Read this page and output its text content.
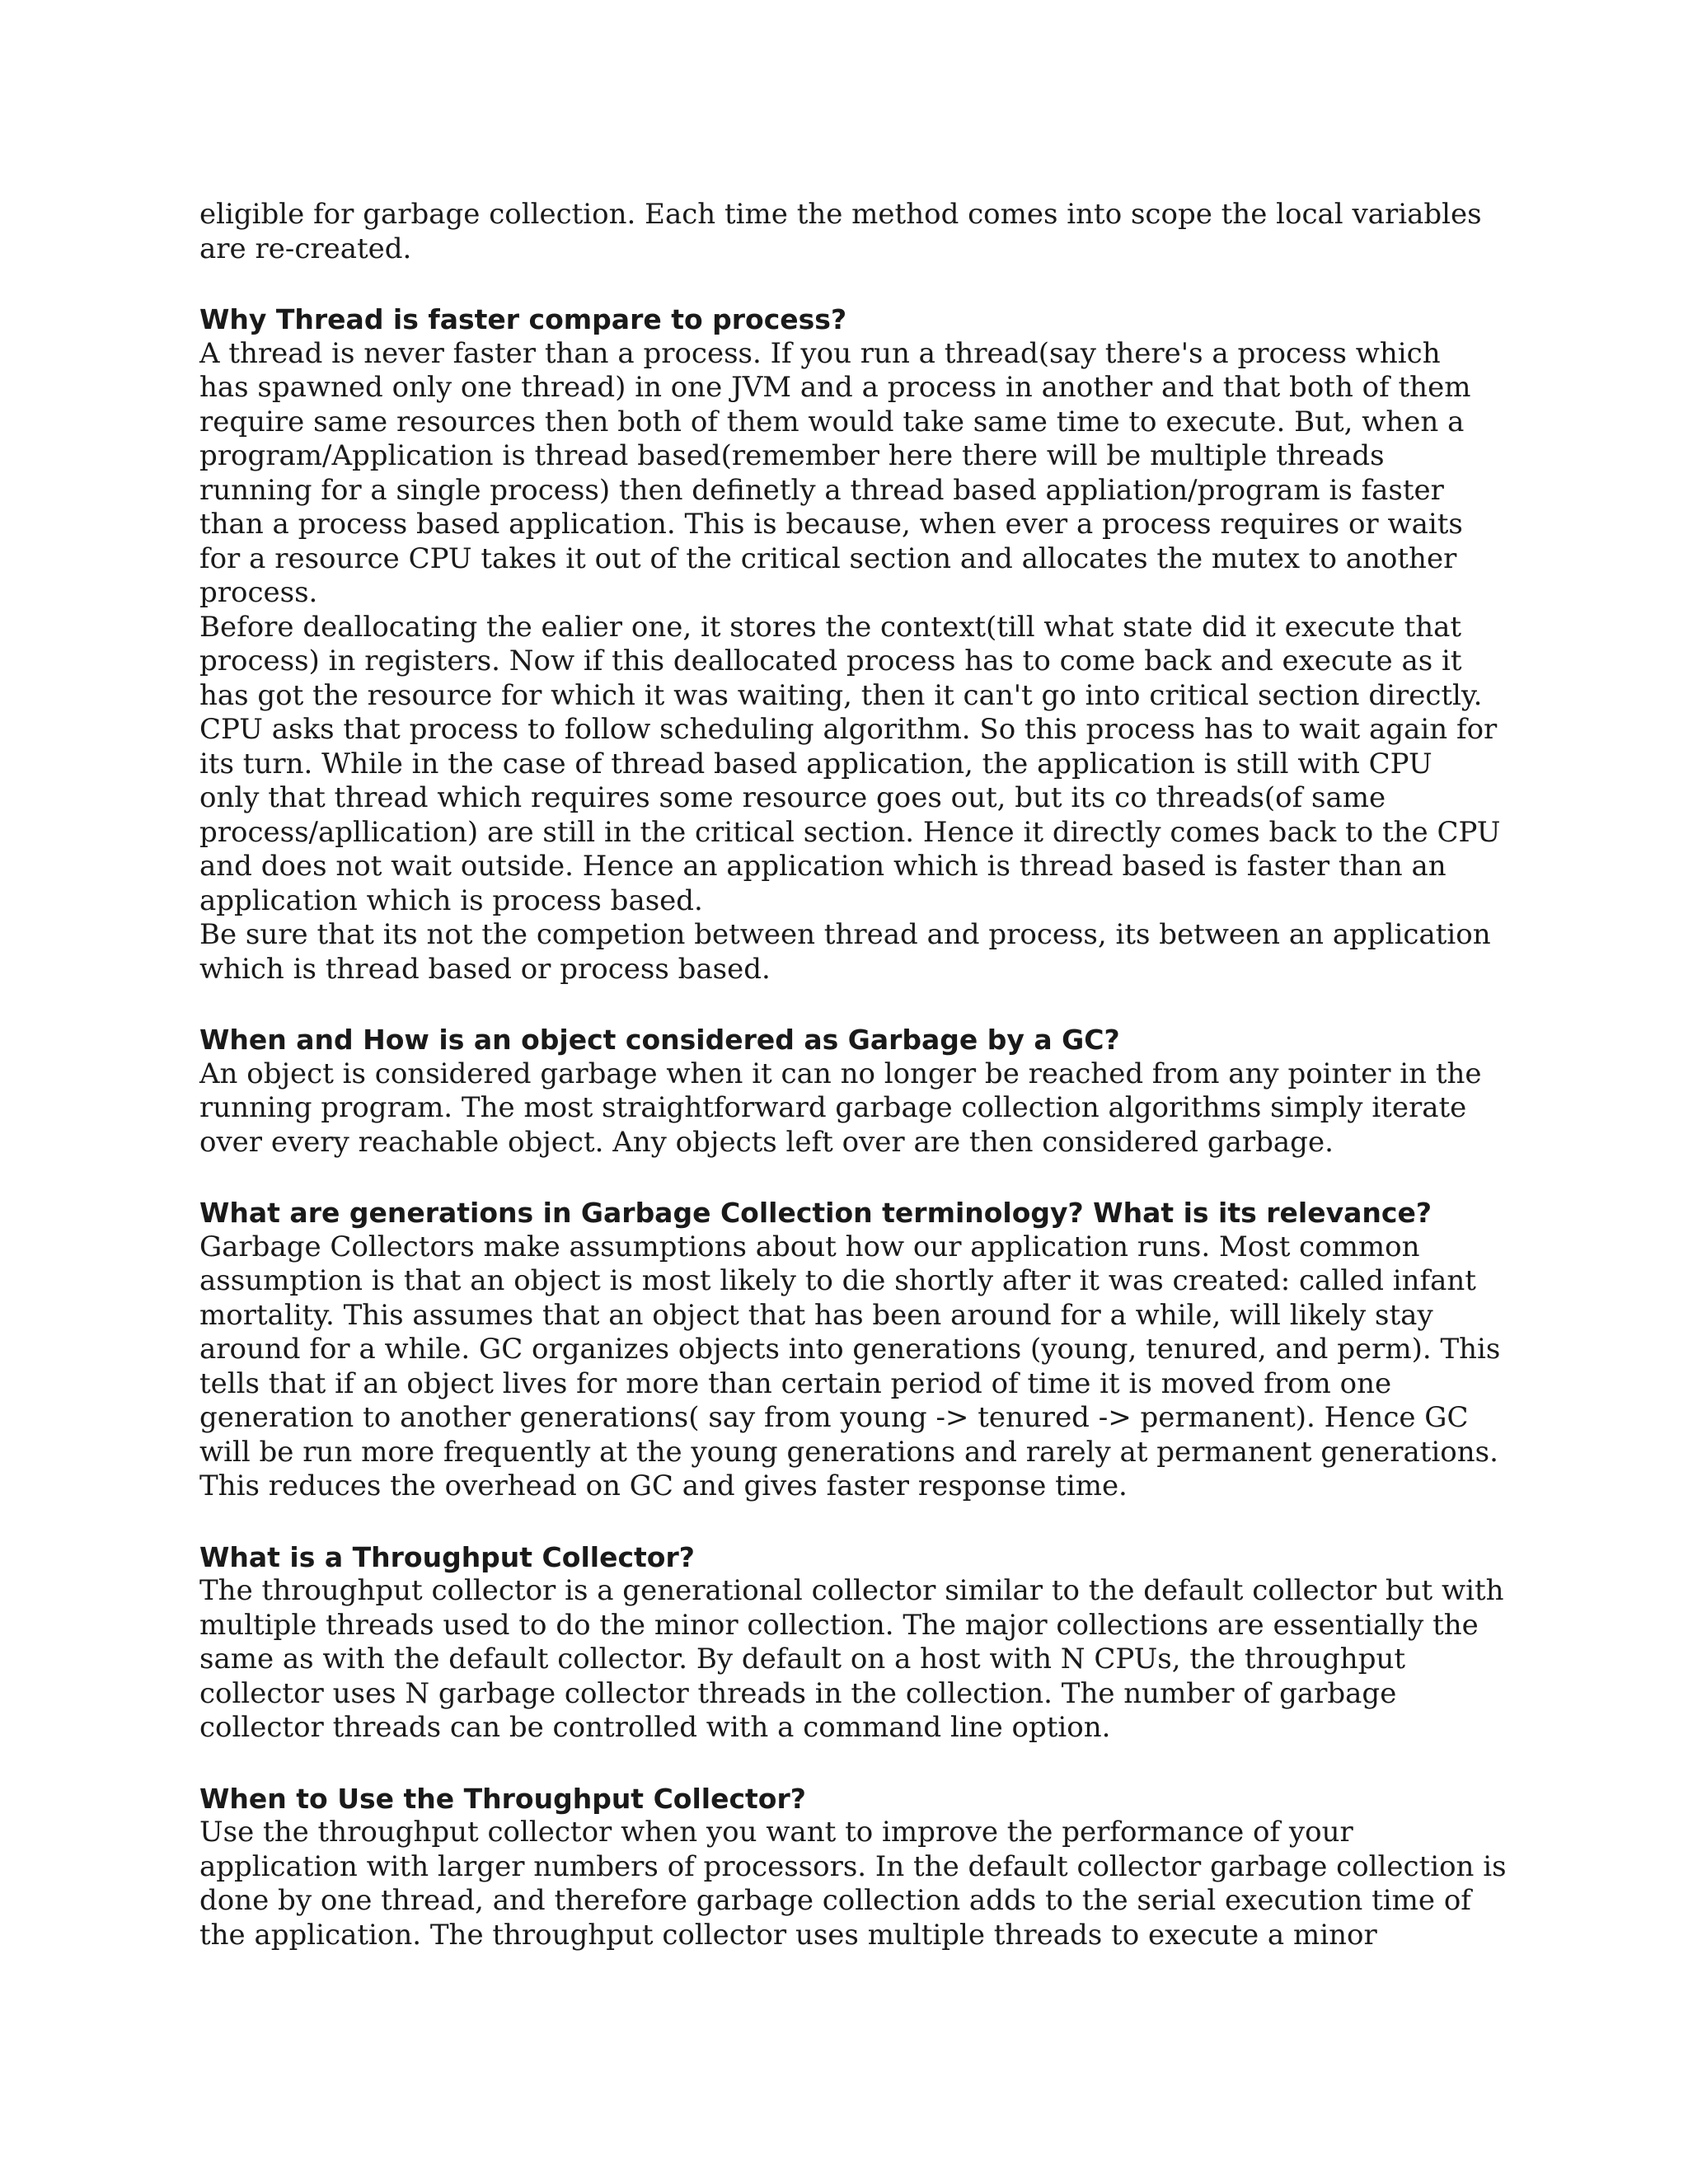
eligible for garbage collection. Each time the method comes into scope the local variables
are re-created.

Why Thread is faster compare to process?

A thread is never faster than a process. If you run a thread(say there's a process which
has spawned only one thread) in one JVM and a process in another and that both of them
require same resources then both of them would take same time to execute. But, when a
program/Application is thread based(remember here there will be multiple threads
running for a single process) then definetly a thread based appliation/program is faster
than a process based application. This is because, when ever a process requires or waits
for a resource CPU takes it out of the critical section and allocates the mutex to another
process.

Before deallocating the ealier one, it stores the context(till what state did it execute that
process) in registers. Now if this deallocated process has to come back and execute as it
has got the resource for which it was waiting, then it can't go into critical section directly.
CPU asks that process to follow scheduling algorithm. So this process has to wait again for
its turn. While in the case of thread based application, the application is still with CPU
only that thread which requires some resource goes out, but its co threads(of same
process/apllication) are still in the critical section. Hence it directly comes back to the CPU
and does not wait outside. Hence an application which is thread based is faster than an
application which is process based.

Be sure that its not the competion between thread and process, its between an application
which is thread based or process based.

When and How is an object considered as Garbage by a GC?

An object is considered garbage when it can no longer be reached from any pointer in the
running program. The most straightforward garbage collection algorithms simply iterate
over every reachable object. Any objects left over are then considered garbage.

What are generations in Garbage Collection terminology? What is its relevance?

Garbage Collectors make assumptions about how our application runs. Most common
assumption is that an object is most likely to die shortly after it was created: called infant
mortality. This assumes that an object that has been around for a while, will likely stay
around for a while. GC organizes objects into generations (young, tenured, and perm). This
tells that if an object lives for more than certain period of time it is moved from one
generation to another generations( say from young -> tenured -> permanent). Hence GC
will be run more frequently at the young generations and rarely at permanent generations.
This reduces the overhead on GC and gives faster response time.

What is a Throughput Collector?

The throughput collector is a generational collector similar to the default collector but with
multiple threads used to do the minor collection. The major collections are essentially the
same as with the default collector. By default on a host with N CPUs, the throughput
collector uses N garbage collector threads in the collection. The number of garbage
collector threads can be controlled with a command line option.

When to Use the Throughput Collector?

Use the throughput collector when you want to improve the performance of your
application with larger numbers of processors. In the default collector garbage collection is
done by one thread, and therefore garbage collection adds to the serial execution time of
the application. The throughput collector uses multiple threads to execute a minor
